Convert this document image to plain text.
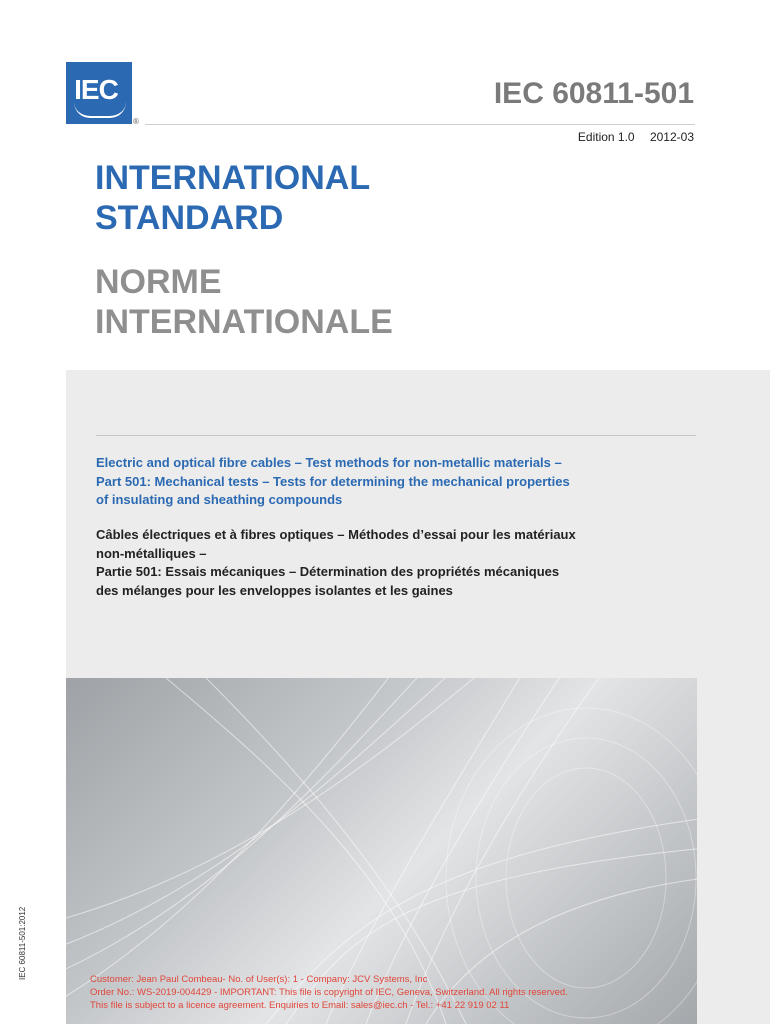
IEC
®
IEC 60811-501
Edition 1.0 2012-03
INTERNATIONAL
STANDARD
NORME
INTERNATIONALE
Electric and optical fibre cables – Test methods for non-metallic materials –
Part 501: Mechanical tests – Tests for determining the mechanical properties
of insulating and sheathing compounds
Câbles électriques et à fibres optiques – Méthodes d’essai pour les matériaux
non-métalliques –
Partie 501: Essais mécaniques – Détermination des propriétés mécaniques
des mélanges pour les enveloppes isolantes et les gaines
Customer: Jean Paul Combeau- No. of User(s): 1 - Company: JCV Systems, Inc
Order No.: WS-2019-004429 - IMPORTANT: This file is copyright of IEC, Geneva, Switzerland. All rights reserved.
This file is subject to a licence agreement. Enquiries to Email: sales@iec.ch - Tel.: +41 22 919 02 11
IEC 60811-501:2012
